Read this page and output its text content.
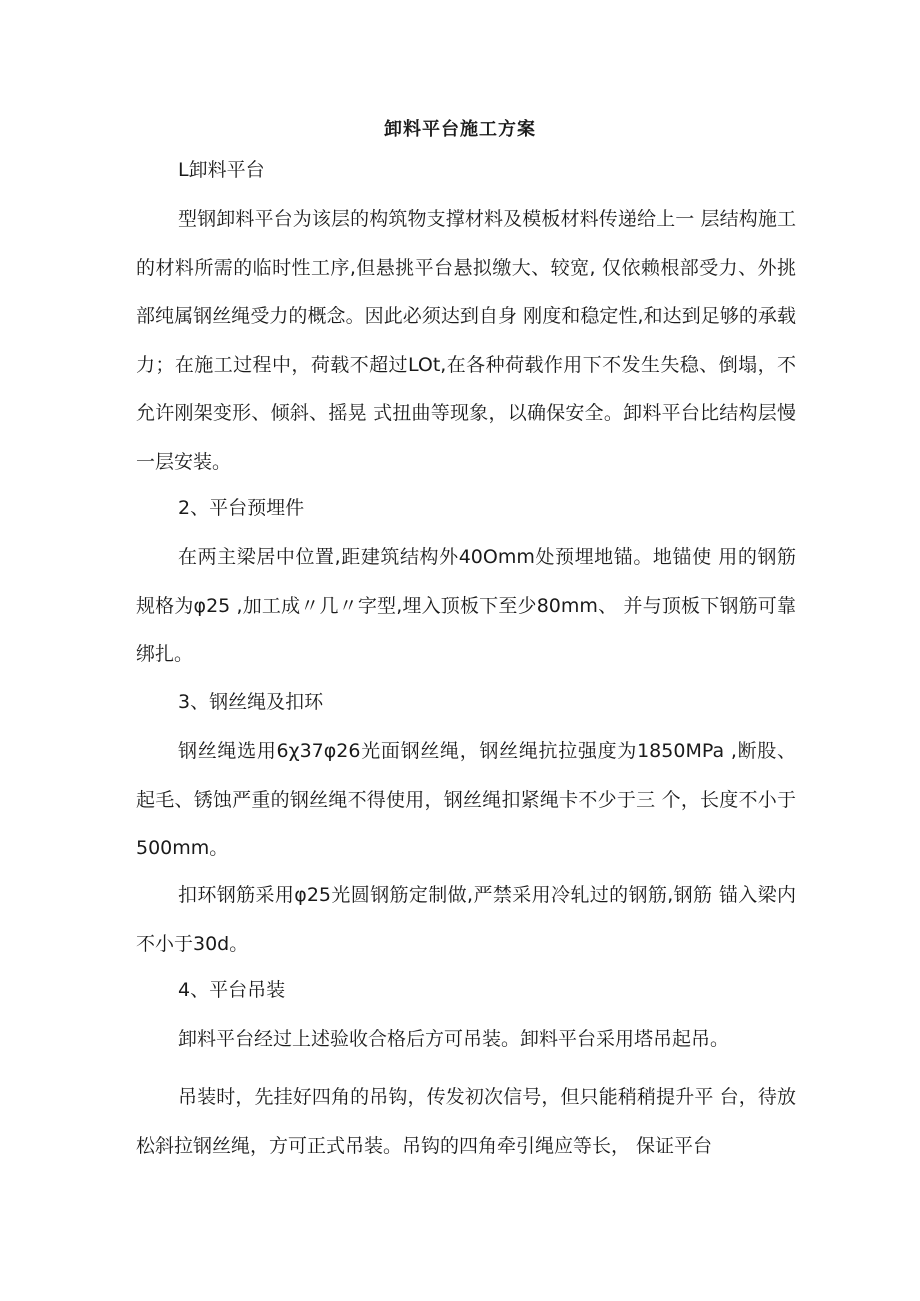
卸料平台施工方案
L卸料平台
型钢卸料平台为该层的构筑物支撑材料及模板材料传递给上一 层结构施工的材料所需的临时性工序,但悬挑平台悬拟缴大、较宽, 仅依赖根部受力、外挑部纯属钢丝绳受力的概念。因此必须达到自身 刚度和稳定性,和达到足够的承载力；在施工过程中，荷载不超过LOt,在各种荷载作用下不发生失稳、倒塌，不允许刚架变形、倾斜、摇晃 式扭曲等现象，以确保安全。卸料平台比结构层慢一层安装。
2、平台预埋件
在两主梁居中位置,距建筑结构外40Omm处预埋地锚。地锚使 用的钢筋规格为φ25 ,加工成〃几〃字型,埋入顶板下至少80mm、 并与顶板下钢筋可靠绑扎。
3、钢丝绳及扣环
钢丝绳选用6χ37φ26光面钢丝绳，钢丝绳抗拉强度为1850MPa ,断股、起毛、锈蚀严重的钢丝绳不得使用，钢丝绳扣紧绳卡不少于三 个，长度不小于500mm。
扣环钢筋采用φ25光圆钢筋定制做,严禁采用冷轧过的钢筋,钢筋 锚入梁内不小于30d。
4、平台吊装
卸料平台经过上述验收合格后方可吊装。卸料平台采用塔吊起吊。
吊装时，先挂好四角的吊钩，传发初次信号，但只能稍稍提升平 台，待放松斜拉钢丝绳，方可正式吊装。吊钩的四角牵引绳应等长， 保证平台
